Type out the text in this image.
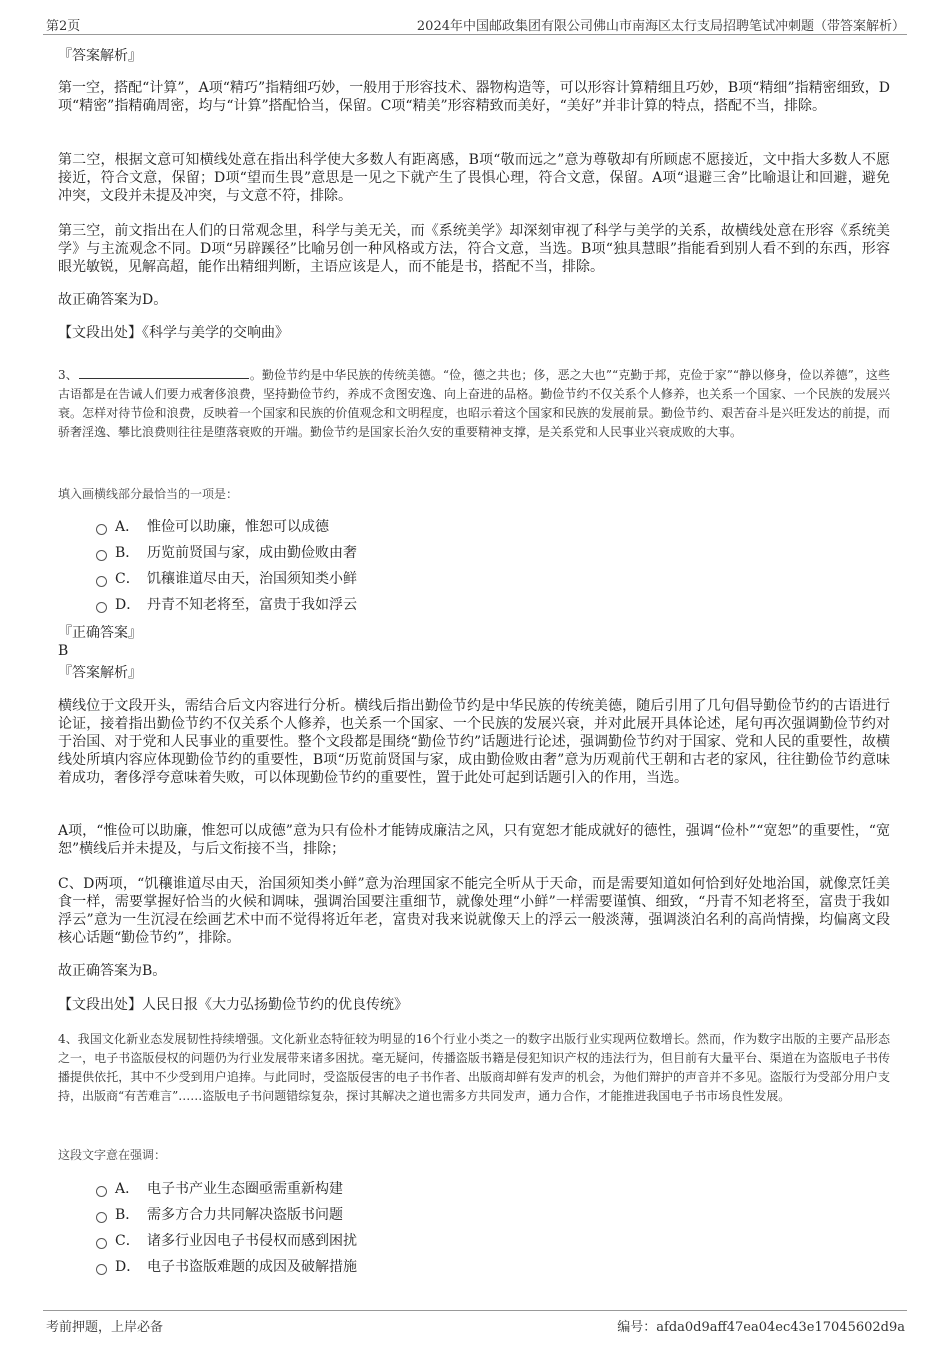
第2页	2024年中国邮政集团有限公司佛山市南海区太行支局招聘笔试冲刺题（带答案解析）
『答案解析』
第一空，搭配“计算”，A项“精巧”指精细巧妙，一般用于形容技术、器物构造等，可以形容计算精细且巧妙，B项“精细”指精密细致，D项“精密”指精确周密，均与“计算”搭配恰当，保留。C项“精美”形容精致而美好，“美好”并非计算的特点，搭配不当，排除。
第二空，根据文意可知横线处意在指出科学使大多数人有距离感，B项“敬而远之”意为尊敬却有所顾虑不愿接近，文中指大多数人不愿接近，符合文意，保留；D项“望而生畏”意思是一见之下就产生了畏惧心理，符合文意，保留。A项“退避三舍”比喻退让和回避，避免冲突，文段并未提及冲突，与文意不符，排除。
第三空，前文指出在人们的日常观念里，科学与美无关，而《系统美学》却深刻审视了科学与美学的关系，故横线处意在形容《系统美学》与主流观念不同。D项“另辟蹊径”比喻另创一种风格或方法，符合文意，当选。B项“独具慧眼”指能看到别人看不到的东西，形容眼光敏锐，见解高超，能作出精细判断，主语应该是人，而不能是书，搭配不当，排除。
故正确答案为D。
【文段出处】《科学与美学的交响曲》
3、	。勤俭节约是中华民族的传统美德。“俭，德之共也；侈，恶之大也”“克勤于邦，克俭于家”“静以修身，俭以养德”，这些古语都是在告诫人们要力戒奢侈浪费，坚持勤俭节约，养成不贪图安逸、向上奋进的品格。勤俭节约不仅关系个人修养，也关系一个国家、一个民族的发展兴衰。怎样对待节俭和浪费，反映着一个国家和民族的价值观念和文明程度，也昭示着这个国家和民族的发展前景。勤俭节约、艰苦奋斗是兴旺发达的前提，而骄奢淫逸、攀比浪费则往往是堕落衰败的开端。勤俭节约是国家长治久安的重要精神支撑，是关系党和人民事业兴衰成败的大事。
填入画横线部分最恰当的一项是：
A． 惟俭可以助廉，惟恕可以成德
B． 历览前贤国与家，成由勤俭败由奢
C． 饥穰谁道尽由天，治国须知类小鲜
D． 丹青不知老将至，富贵于我如浮云
『正确答案』
B
『答案解析』
横线位于文段开头，需结合后文内容进行分析。横线后指出勤俭节约是中华民族的传统美德，随后引用了几句倡导勤俭节约的古语进行论证，接着指出勤俭节约不仅关系个人修养，也关系一个国家、一个民族的发展兴衰，并对此展开具体论述，尾句再次强调勤俭节约对于治国、对于党和人民事业的重要性。整个文段都是围绕“勤俭节约”话题进行论述，强调勤俭节约对于国家、党和人民的重要性，故横线处所填内容应体现勤俭节约的重要性，B项“历览前贤国与家，成由勤俭败由奢”意为历观前代王朝和古老的家风，往往勤俭节约意味着成功，奢侈浮夸意味着失败，可以体现勤俭节约的重要性，置于此处可起到话题引入的作用，当选。
A项，“惟俭可以助廉，惟恕可以成德”意为只有俭朴才能铸成廉洁之风，只有宽恕才能成就好的德性，强调“俭朴”“宽恕”的重要性，“宽恕”横线后并未提及，与后文衔接不当，排除；
C、D两项，“饥穰谁道尽由天，治国须知类小鲜”意为治理国家不能完全听从于天命，而是需要知道如何恰到好处地治国，就像烹饪美食一样，需要掌握好恰当的火候和调味，强调治国要注重细节，就像处理“小鲜”一样需要谨慎、细致，“丹青不知老将至，富贵于我如浮云”意为一生沉浸在绘画艺术中而不觉得将近年老，富贵对我来说就像天上的浮云一般淡薄，强调淡泊名利的高尚情操，均偏离文段核心话题“勤俭节约”，排除。
故正确答案为B。
【文段出处】人民日报《大力弘扬勤俭节约的优良传统》
4、我国文化新业态发展韧性持续增强。文化新业态特征较为明显的16个行业小类之一的数字出版行业实现两位数增长。然而，作为数字出版的主要产品形态之一，电子书盗版侵权的问题仍为行业发展带来诸多困扰。毫无疑问，传播盗版书籍是侵犯知识产权的违法行为，但目前有大量平台、渠道在为盗版电子书传播提供依托，其中不少受到用户追捧。与此同时，受盗版侵害的电子书作者、出版商却鲜有发声的机会，为他们辩护的声音并不多见。盗版行为受部分用户支持，出版商“有苦难言”……盗版电子书问题错综复杂，探讨其解决之道也需多方共同发声，通力合作，才能推进我国电子书市场良性发展。
这段文字意在强调：
A． 电子书产业生态圈亟需重新构建
B． 需多方合力共同解决盗版书问题
C． 诸多行业因电子书侵权而感到困扰
D． 电子书盗版难题的成因及破解措施
考前押题，上岸必备	编号：afda0d9aff47ea04ec43e17045602d9a
